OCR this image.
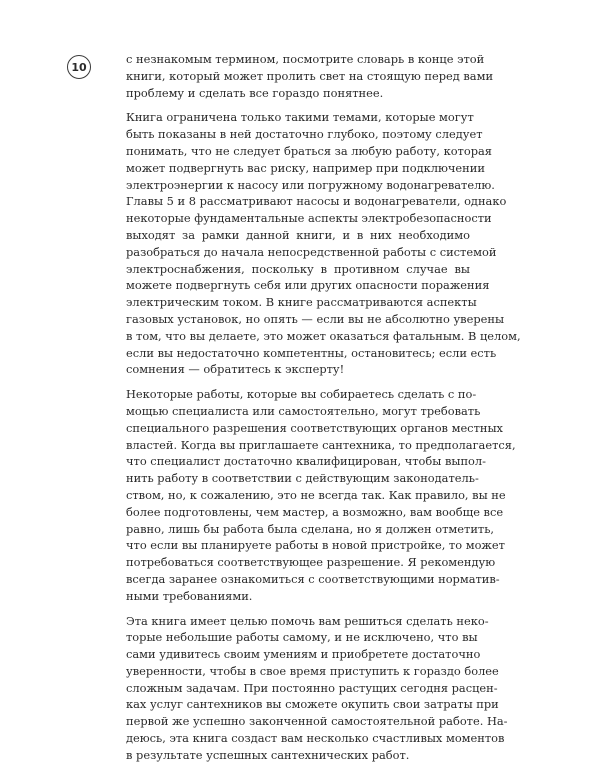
10

с незнакомым термином, посмотрите словарь в конце этой
книги, который может пролить свет на стоящую перед вами
проблему и сделать все гораздо понятнее.

Книга ограничена только такими темами, которые могут
быть показаны в ней достаточно глубоко, поэтому следует
понимать, что не следует браться за любую работу, которая
может подвергнуть вас риску, например при подключении
электроэнергии к насосу или погружному водонагревателю.
Главы 5 и 8 рассматривают насосы и водонагреватели, однако
некоторые фундаментальные аспекты электробезопасности
выходят за рамки данной книги, и в них необходимо
разобраться до начала непосредственной работы с системой
электроснабжения, поскольку в противном случае вы
можете подвергнуть себя или других опасности поражения
электрическим током. В книге рассматриваются аспекты
газовых установок, но опять — если вы не абсолютно уверены
в том, что вы делаете, это может оказаться фатальным. В целом,
если вы недостаточно компетентны, остановитесь; если есть
сомнения — обратитесь к эксперту!

Некоторые работы, которые вы собираетесь сделать с по-
мощью специалиста или самостоятельно, могут требовать
специального разрешения соответствующих органов местных
властей. Когда вы приглашаете сантехника, то предполагается,
что специалист достаточно квалифицирован, чтобы выпол-
нить работу в соответствии с действующим законодатель-
ством, но, к сожалению, это не всегда так. Как правило, вы не
более подготовлены, чем мастер, а возможно, вам вообще все
равно, лишь бы работа была сделана, но я должен отметить,
что если вы планируете работы в новой пристройке, то может
потребоваться соответствующее разрешение. Я рекомендую
всегда заранее ознакомиться с соответствующими норматив-
ными требованиями.

Эта книга имеет целью помочь вам решиться сделать неко-
торые небольшие работы самому, и не исключено, что вы
сами удивитесь своим умениям и приобретете достаточно
уверенности, чтобы в свое время приступить к гораздо более
сложным задачам. При постоянно растущих сегодня расцен-
ках услуг сантехников вы сможете окупить свои затраты при
первой же успешно законченной самостоятельной работе. На-
деюсь, эта книга создаст вам несколько счастливых моментов
в результате успешных сантехнических работ.
